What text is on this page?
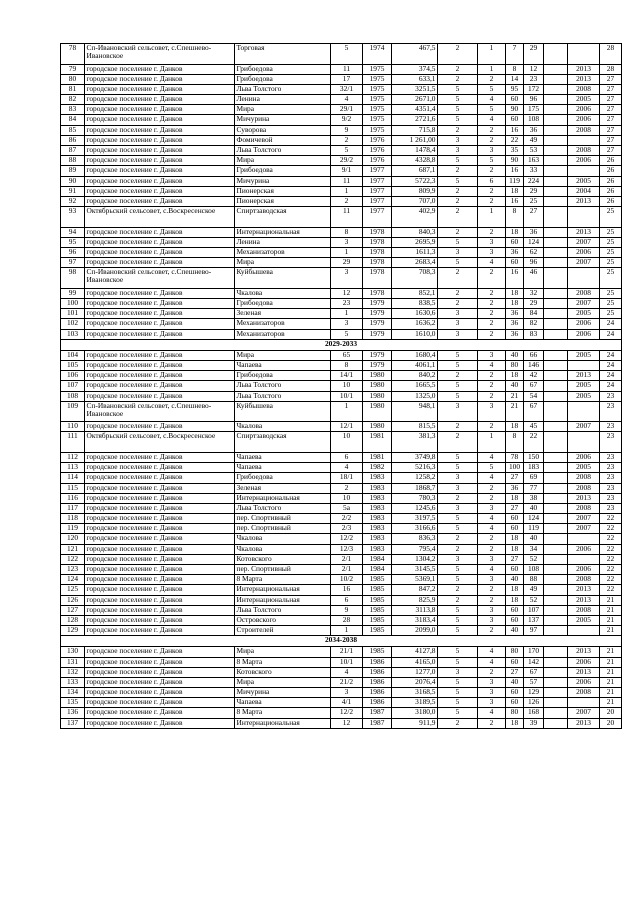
78	Сп-Ивановский сельсовет, с.Спешнево-Ивановское	Торговая	5	1974	467,5	2	1	7	29			28
79	городское поселение г. Данков	Грибоедова	11	1975	374,5	2	1	8	12		2013	28
80	городское поселение г. Данков	Грибоедова	17	1975	633,1	2	2	14	23		2013	27
81	городское поселение г. Данков	Льва Толстого	32/1	1975	3251,5	5	5	95	172		2008	27
82	городское поселение г. Данков	Ленина	4	1975	2671,0	5	4	60	96		2005	27
83	городское поселение г. Данков	Мира	29/1	1975	4351,4	5	5	90	175		2006	27
84	городское поселение г. Данков	Мичурина	9/2	1975	2721,6	5	4	60	108		2006	27
85	городское поселение г. Данков	Суворова	9	1975	715,8	2	2	16	36		2008	27
86	городское поселение г. Данков	Фомичевой	2	1976	1 261,00	3	2	22	49			27
87	городское поселение г. Данков	Льва Толстого	5	1976	1478,4	3	3	35	53		2008	27
88	городское поселение г. Данков	Мира	29/2	1976	4328,8	5	5	90	163		2006	26
89	городское поселение г. Данков	Грибоедова	9/1	1977	687,1	2	2	16	33			26
90	городское поселение г. Данков	Мичурина	11	1977	5722,3	5	6	119	224		2005	26
91	городское поселение г. Данков	Пионерская	1	1977	809,9	2	2	18	29		2004	26
92	городское поселение г. Данков	Пионерская	2	1977	707,0	2	2	16	25		2013	26
93	Октябрьский сельсовет, с.Воскресенское	Спиртзаводская	11	1977	402,9	2	1	8	27			25
94	городское поселение г. Данков	Интернациональная	8	1978	840,3	2	2	18	36		2013	25
95	городское поселение г. Данков	Ленина	3	1978	2695,9	5	3	60	124		2007	25
96	городское поселение г. Данков	Механизаторов	1	1978	1611,3	3	3	36	62		2006	25
97	городское поселение г. Данков	Мира	29	1978	2683,4	5	4	60	96		2007	25
98	Сп-Ивановский сельсовет, с.Спешнево-Ивановское	Куйбышева	3	1978	708,3	2	2	16	46			25
99	городское поселение г. Данков	Чкалова	12	1978	852,1	2	2	18	32		2008	25
100	городское поселение г. Данков	Грибоедова	23	1979	838,5	2	2	18	29		2007	25
101	городское поселение г. Данков	Зеленая	1	1979	1630,6	3	2	36	84		2005	25
102	городское поселение г. Данков	Механизаторов	3	1979	1636,2	3	2	36	82		2006	24
103	городское поселение г. Данков	Механизаторов	5	1979	1610,0	3	2	36	83		2006	24
2029-2033												
104	городское поселение г. Данков	Мира	65	1979	1680,4	5	3	40	66		2005	24
105	городское поселение г. Данков	Чапаева	8	1979	4061,1	5	4	80	146			24
106	городское поселение г. Данков	Грибоедова	14/1	1980	840,2	2	2	18	42		2013	24
107	городское поселение г. Данков	Льва Толстого	10	1980	1665,5	5	2	40	67		2005	24
108	городское поселение г. Данков	Льва Толстого	10/1	1980	1325,0	5	2	21	54		2005	23
109	Сп-Ивановский сельсовет, с.Спешнево-Ивановское	Куйбышева	1	1980	948,1	3	3	21	67			23
110	городское поселение г. Данков	Чкалова	12/1	1980	815,5	2	2	18	45		2007	23
111	Октябрьский сельсовет, с.Воскресенское	Спиртзаводская	10	1981	381,3	2	1	8	22			23
112	городское поселение г. Данков	Чапаева	6	1981	3749,8	5	4	78	150		2006	23
113	городское поселение г. Данков	Чапаева	4	1982	5216,3	5	5	100	183		2005	23
114	городское поселение г. Данков	Грибоедова	18/1	1983	1258,2	3	4	27	69		2008	23
115	городское поселение г. Данков	Зеленая	2	1983	1868,7	3	2	36	77		2008	23
116	городское поселение г. Данков	Интернациональная	10	1983	780,3	2	2	18	38		2013	23
117	городское поселение г. Данков	Льва Толстого	5а	1983	1245,6	3	3	27	40		2008	23
118	городское поселение г. Данков	пер. Спортивный	2/2	1983	3197,5	5	4	60	124		2007	22
119	городское поселение г. Данков	пер. Спортивный	2/3	1983	3166,6	5	4	60	119		2007	22
120	городское поселение г. Данков	Чкалова	12/2	1983	836,3	2	2	18	40			22
121	городское поселение г. Данков	Чкалова	12/3	1983	795,4	2	2	18	34		2006	22
122	городское поселение г. Данков	Котовского	2/1	1984	1304,2	3	3	27	52			22
123	городское поселение г. Данков	пер. Спортивный	2/1	1984	3145,5	5	4	60	108		2006	22
124	городское поселение г. Данков	8 Марта	10/2	1985	5369,1	5	3	40	88		2008	22
125	городское поселение г. Данков	Интернациональная	16	1985	847,2	2	2	18	49		2013	22
126	городское поселение г. Данков	Интернациональная	6	1985	825,9	2	2	18	52		2013	21
127	городское поселение г. Данков	Льва Толстого	9	1985	3113,8	5	3	60	107		2008	21
128	городское поселение г. Данков	Островского	28	1985	3183,4	5	3	60	137		2005	21
129	городское поселение г. Данков	Строителей	1	1985	2099,0	5	2	40	97			21
2034-2038												
130	городское поселение г. Данков	Мира	21/1	1985	4127,8	5	4	80	170		2013	21
131	городское поселение г. Данков	8 Марта	10/1	1986	4165,0	5	4	60	142		2006	21
132	городское поселение г. Данков	Котовского	4	1986	1277,0	3	2	27	67		2013	21
133	городское поселение г. Данков	Мира	21/2	1986	2076,4	5	3	40	57		2006	21
134	городское поселение г. Данков	Мичурина	3	1986	3168,5	5	3	60	129		2008	21
135	городское поселение г. Данков	Чапаева	4/1	1986	3189,5	5	3	60	126			21
136	городское поселение г. Данков	8 Марта	12/2	1987	3180,0	5	4	80	168		2007	20
137	городское поселение г. Данков	Интернациональная	12	1987	911,9	2	2	18	39		2013	20
